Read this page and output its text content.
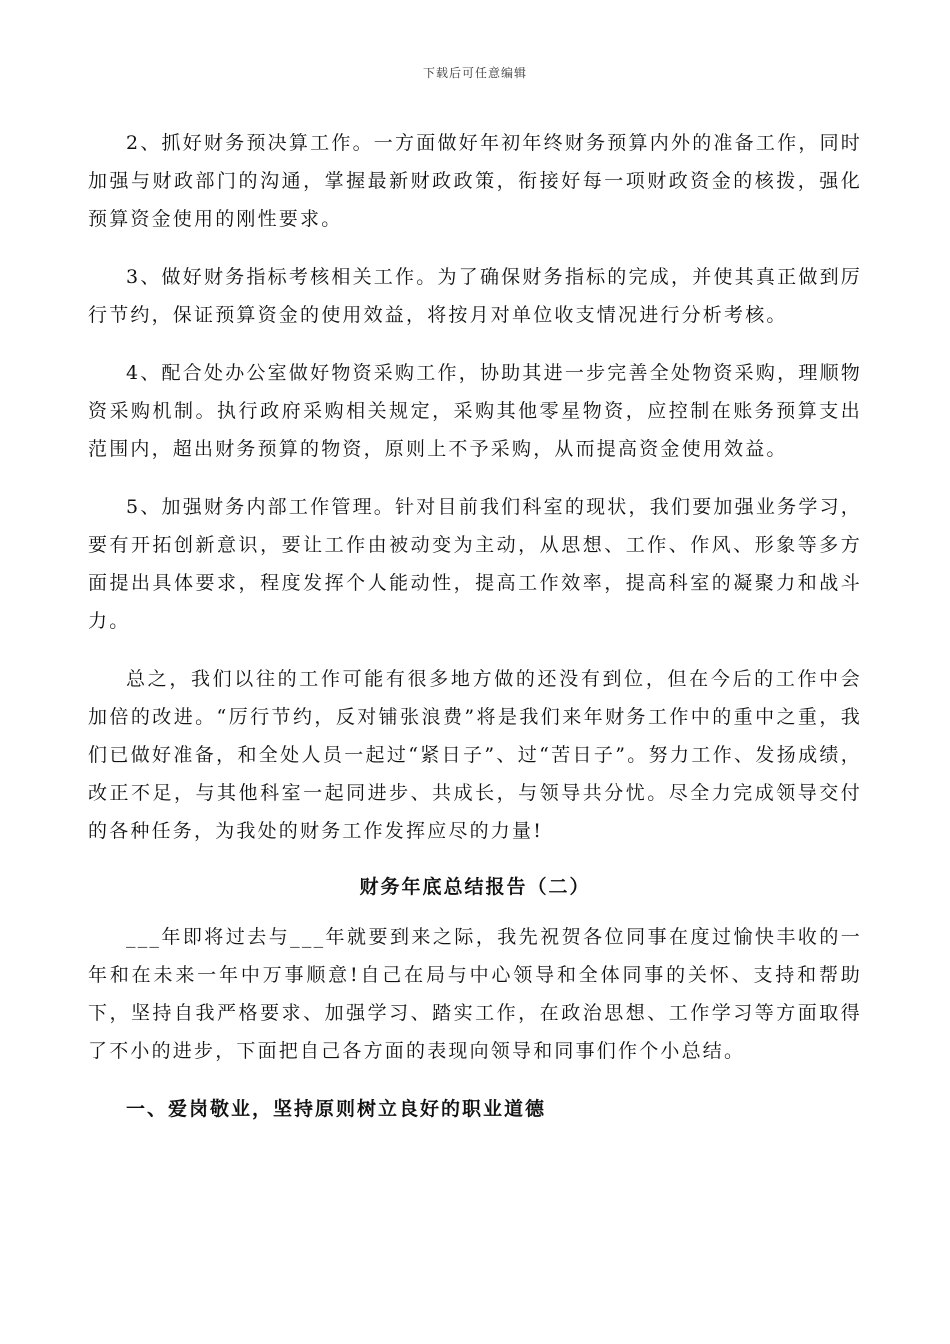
下载后可任意编辑

2、抓好财务预决算工作。一方面做好年初年终财务预算内外的准备工作，同时加强与财政部门的沟通，掌握最新财政政策，衔接好每一项财政资金的核拨，强化预算资金使用的刚性要求。

3、做好财务指标考核相关工作。为了确保财务指标的完成，并使其真正做到厉行节约，保证预算资金的使用效益，将按月对单位收支情况进行分析考核。

4、配合处办公室做好物资采购工作，协助其进一步完善全处物资采购，理顺物资采购机制。执行政府采购相关规定，采购其他零星物资，应控制在账务预算支出范围内，超出财务预算的物资，原则上不予采购，从而提高资金使用效益。

5、加强财务内部工作管理。针对目前我们科室的现状，我们要加强业务学习，要有开拓创新意识，要让工作由被动变为主动，从思想、工作、作风、形象等多方面提出具体要求，程度发挥个人能动性，提高工作效率，提高科室的凝聚力和战斗力。

总之，我们以往的工作可能有很多地方做的还没有到位，但在今后的工作中会加倍的改进。“厉行节约，反对铺张浪费”将是我们来年财务工作中的重中之重，我们已做好准备，和全处人员一起过“紧日子”、过“苦日子”。努力工作、发扬成绩，改正不足，与其他科室一起同进步、共成长，与领导共分忧。尽全力完成领导交付的各种任务，为我处的财务工作发挥应尽的力量!

财务年底总结报告（二）

___年即将过去与___年就要到来之际，我先祝贺各位同事在度过愉快丰收的一年和在未来一年中万事顺意!自己在局与中心领导和全体同事的关怀、支持和帮助下，坚持自我严格要求、加强学习、踏实工作，在政治思想、工作学习等方面取得了不小的进步，下面把自己各方面的表现向领导和同事们作个小总结。

一、爱岗敬业，坚持原则树立良好的职业道德
